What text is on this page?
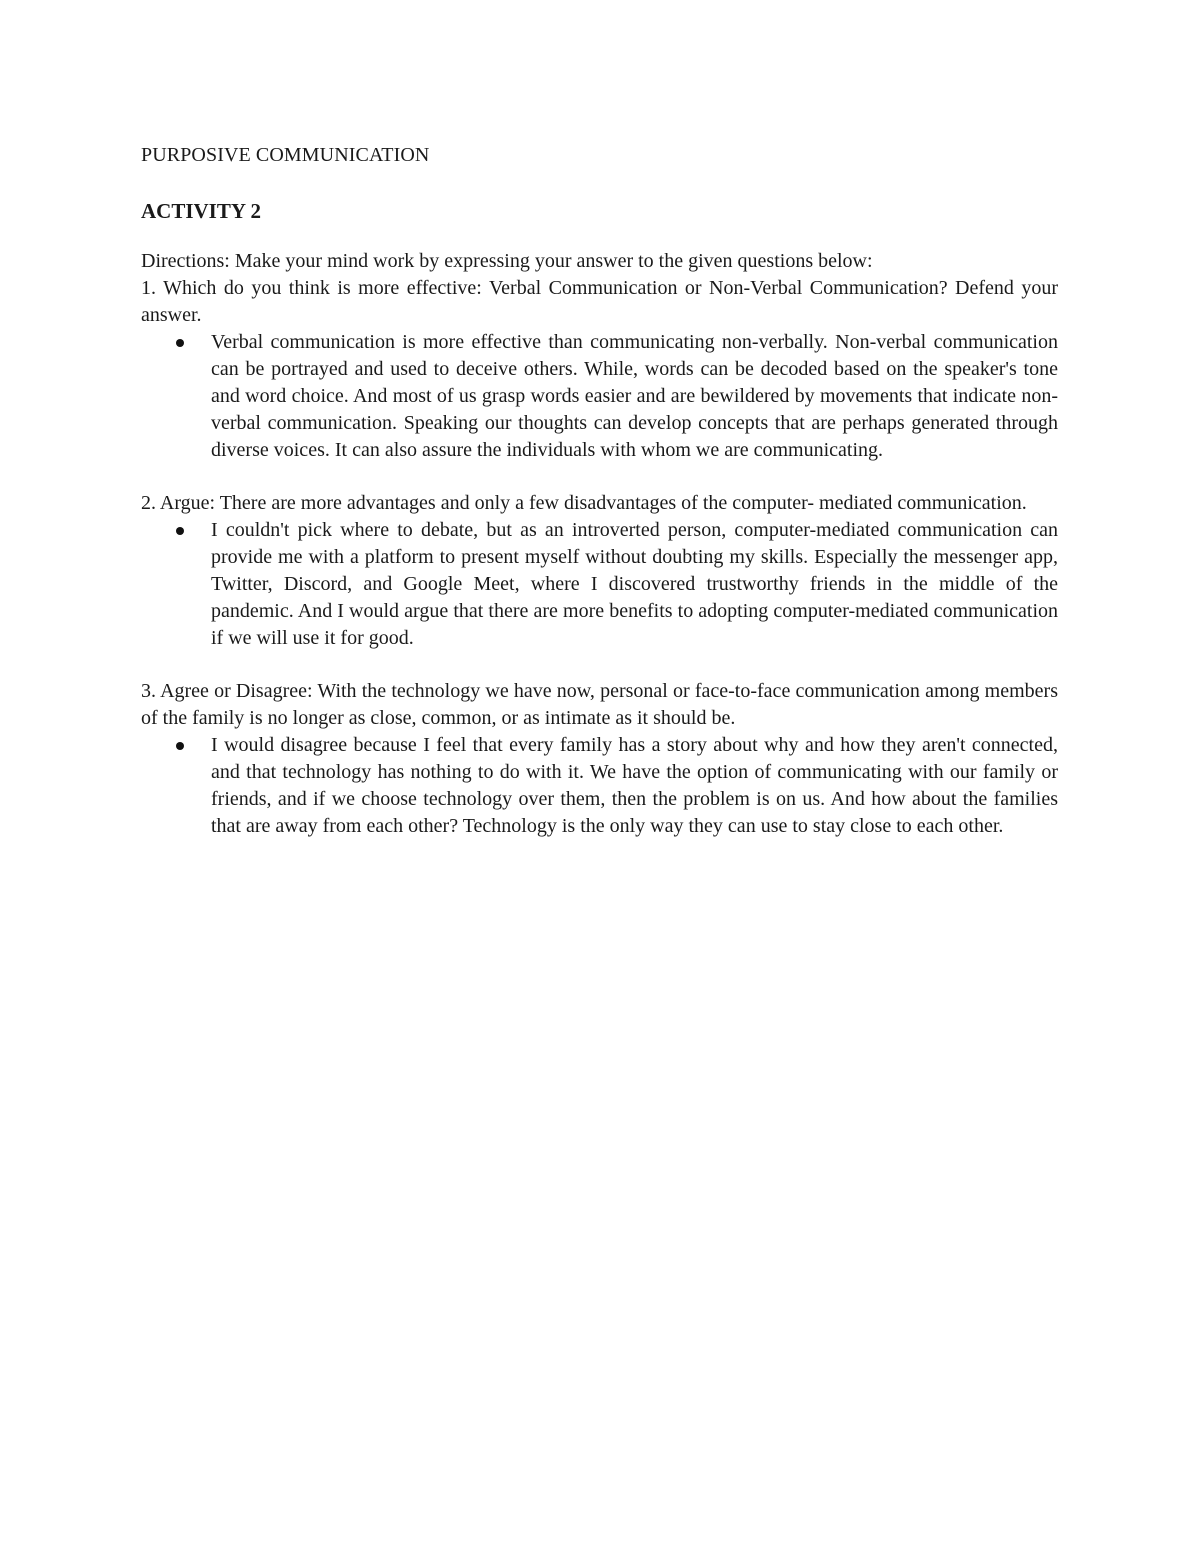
PURPOSIVE COMMUNICATION
ACTIVITY 2

Directions: Make your mind work by expressing your answer to the given questions below:

1. Which do you think is more effective: Verbal Communication or Non-Verbal Communication? Defend your answer.

Verbal communication is more effective than communicating non-verbally. Non-verbal communication can be portrayed and used to deceive others. While, words can be decoded based on the speaker's tone and word choice. And most of us grasp words easier and are bewildered by movements that indicate non-verbal communication. Speaking our thoughts can develop concepts that are perhaps generated through diverse voices. It can also assure the individuals with whom we are communicating.

2. Argue: There are more advantages and only a few disadvantages of the computer- mediated communication.

I couldn't pick where to debate, but as an introverted person, computer-mediated communication can provide me with a platform to present myself without doubting my skills. Especially the messenger app, Twitter, Discord, and Google Meet, where I discovered trustworthy friends in the middle of the pandemic. And I would argue that there are more benefits to adopting computer-mediated communication if we will use it for good.

3. Agree or Disagree: With the technology we have now, personal or face-to-face communication among members of the family is no longer as close, common, or as intimate as it should be.

I would disagree because I feel that every family has a story about why and how they aren't connected, and that technology has nothing to do with it. We have the option of communicating with our family or friends, and if we choose technology over them, then the problem is on us. And how about the families that are away from each other? Technology is the only way they can use to stay close to each other.
